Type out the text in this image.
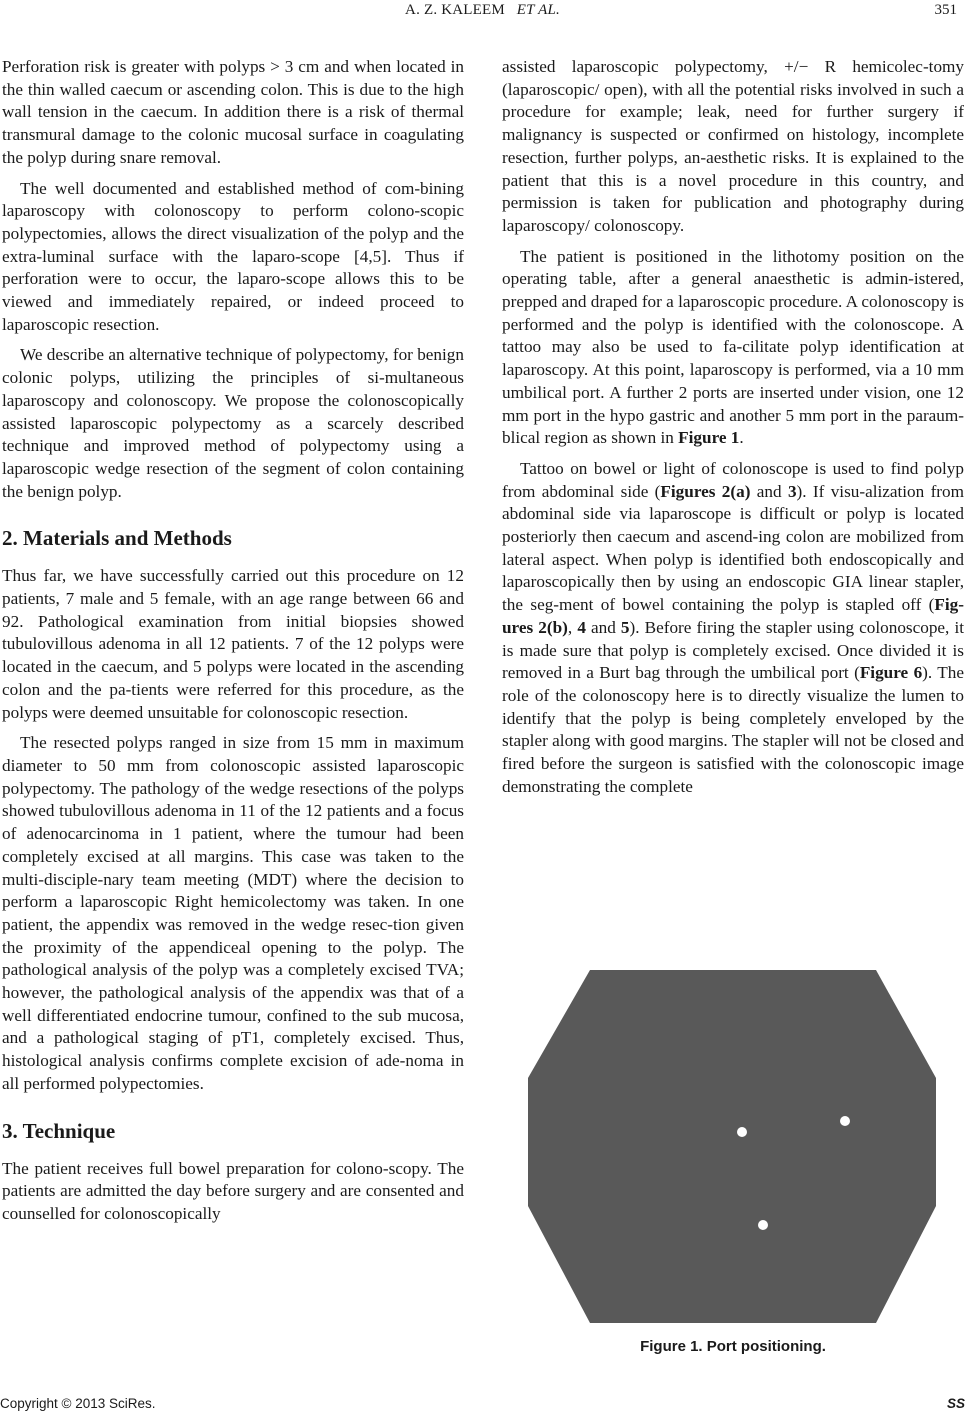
A. Z. KALEEM ET AL.	351

Perforation risk is greater with polyps > 3 cm and when located in the thin walled caecum or ascending colon. This is due to the high wall tension in the caecum. In addition there is a risk of thermal transmural damage to the colonic mucosal surface in coagulating the polyp during snare removal.

The well documented and established method of com-bining laparoscopy with colonoscopy to perform colono-scopic polypectomies, allows the direct visualization of the polyp and the extra-luminal surface with the laparo-scope [4,5]. Thus if perforation were to occur, the laparo-scope allows this to be viewed and immediately repaired, or indeed proceed to laparoscopic resection.

We describe an alternative technique of polypectomy, for benign colonic polyps, utilizing the principles of si-multaneous laparoscopy and colonoscopy. We propose the colonoscopically assisted laparoscopic polypectomy as a scarcely described technique and improved method of polypectomy using a laparoscopic wedge resection of the segment of colon containing the benign polyp.

2. Materials and Methods

Thus far, we have successfully carried out this procedure on 12 patients, 7 male and 5 female, with an age range between 66 and 92. Pathological examination from initial biopsies showed tubulovillous adenoma in all 12 patients. 7 of the 12 polyps were located in the caecum, and 5 polyps were located in the ascending colon and the pa-tients were referred for this procedure, as the polyps were deemed unsuitable for colonoscopic resection.

The resected polyps ranged in size from 15 mm in maximum diameter to 50 mm from colonoscopic assisted laparoscopic polypectomy. The pathology of the wedge resections of the polyps showed tubulovillous adenoma in 11 of the 12 patients and a focus of adenocarcinoma in 1 patient, where the tumour had been completely excised at all margins. This case was taken to the multi-disciple-nary team meeting (MDT) where the decision to perform a laparoscopic Right hemicolectomy was taken. In one patient, the appendix was removed in the wedge resec-tion given the proximity of the appendiceal opening to the polyp. The pathological analysis of the polyp was a completely excised TVA; however, the pathological analysis of the appendix was that of a well differentiated endocrine tumour, confined to the sub mucosa, and a pathological staging of pT1, completely excised. Thus, histological analysis confirms complete excision of ade-noma in all performed polypectomies.

3. Technique

The patient receives full bowel preparation for colono-scopy. The patients are admitted the day before surgery and are consented and counselled for colonoscopically

assisted laparoscopic polypectomy, +/− R hemicolec-tomy (laparoscopic/ open), with all the potential risks involved in such a procedure for example; leak, need for further surgery if malignancy is suspected or confirmed on histology, incomplete resection, further polyps, an-aesthetic risks. It is explained to the patient that this is a novel procedure in this country, and permission is taken for publication and photography during laparoscopy/ colonoscopy.

The patient is positioned in the lithotomy position on the operating table, after a general anaesthetic is admin-istered, prepped and draped for a laparoscopic procedure. A colonoscopy is performed and the polyp is identified with the colonoscope. A tattoo may also be used to fa-cilitate polyp identification at laparoscopy. At this point, laparoscopy is performed, via a 10 mm umbilical port. A further 2 ports are inserted under vision, one 12 mm port in the hypo gastric and another 5 mm port in the paraum-blical region as shown in Figure 1.

Tattoo on bowel or light of colonoscope is used to find polyp from abdominal side (Figures 2(a) and 3). If visu-alization from abdominal side via laparoscope is difficult or polyp is located posteriorly then caecum and ascend-ing colon are mobilized from lateral aspect. When polyp is identified both endoscopically and laparoscopically then by using an endoscopic GIA linear stapler, the seg-ment of bowel containing the polyp is stapled off (Fig-ures 2(b), 4 and 5). Before firing the stapler using colonoscope, it is made sure that polyp is completely excised. Once divided it is removed in a Burt bag through the umbilical port (Figure 6). The role of the colonoscopy here is to directly visualize the lumen to identify that the polyp is being completely enveloped by the stapler along with good margins. The stapler will not be closed and fired before the surgeon is satisfied with the colonoscopic image demonstrating the complete

Figure 1. Port positioning.
Copyright © 2013 SciRes.	SS
